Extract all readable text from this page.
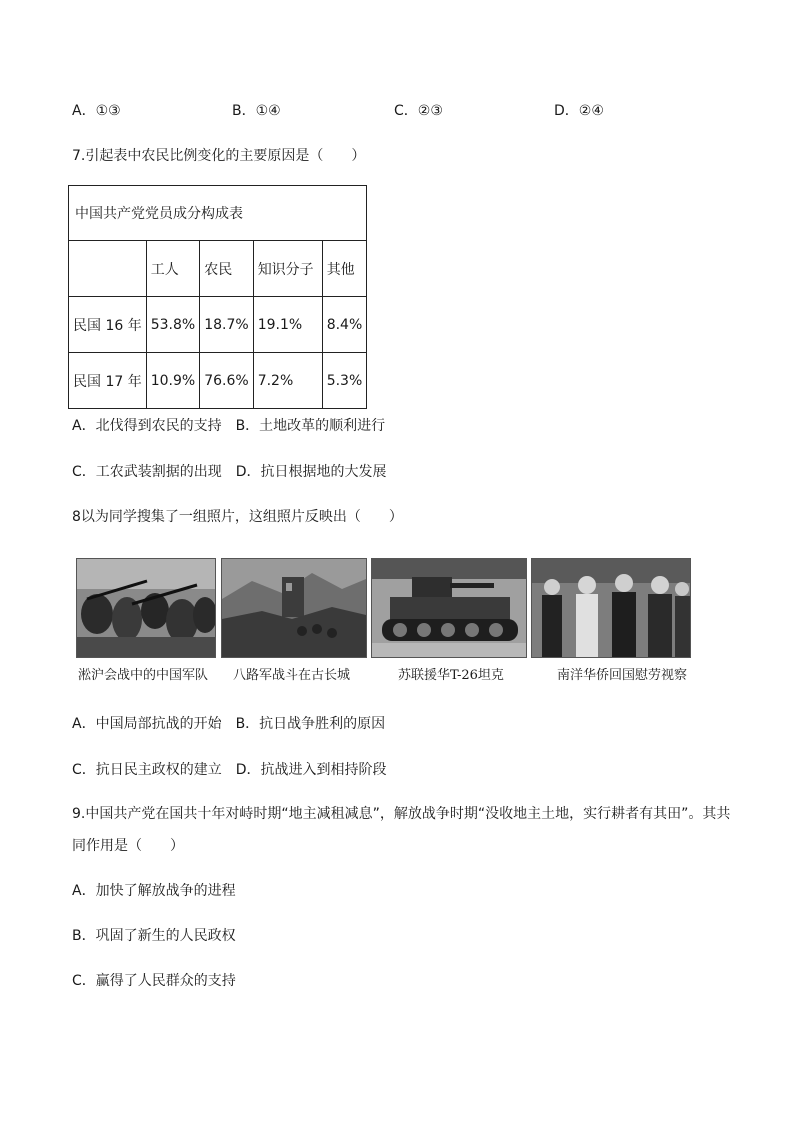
A．①③	B．①④	C．②③	D．②④
7.引起表中农民比例变化的主要原因是（　　）
中国共产党党员成分构成表				
	工人	农民	知识分子	其他
民国 16 年	53.8%	18.7%	19.1%	8.4%
民国 17 年	10.9%	76.6%	7.2%	5.3%
A．北伐得到农民的支持　B．土地改革的顺利进行
C．工农武装割据的出现　D．抗日根据地的大发展
8以为同学搜集了一组照片，这组照片反映出（　　）
淞沪会战中的中国军队 八路军战斗在古长城	苏联援华T-26坦克	南洋华侨回国慰劳视察
A．中国局部抗战的开始　B．抗日战争胜利的原因
C．抗日民主政权的建立　D．抗战进入到相持阶段
9.中国共产党在国共十年对峙时期“地主减租减息”，解放战争时期“没收地主土地，实行耕者有其田”。其共
同作用是（　　）
A．加快了解放战争的进程
B．巩固了新生的人民政权
C．赢得了人民群众的支持
